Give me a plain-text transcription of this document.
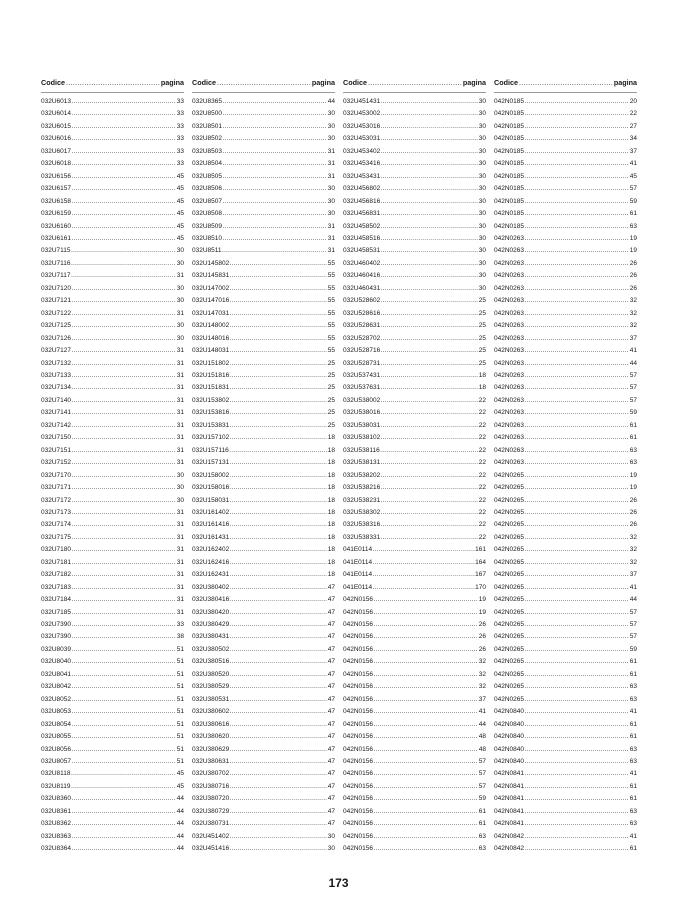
Codice .....	pagina
032U6013 .....	33
032U6014 .....	33
032U6015 .....	33
032U6016 .....	33
032U6017 .....	33
032U6018 .....	33
032U6156 .....	45
032U6157 .....	45
032U6158 .....	45
032U6159 .....	45
032U6160 .....	45
032U6161 .....	45
032U7115 .....	30
032U7116 .....	30
032U7117 .....	31
032U7120 .....	30
032U7121 .....	30
032U7122 .....	31
032U7125 .....	30
032U7126 .....	30
032U7127 .....	31
032U7132 .....	31
032U7133 .....	31
032U7134 .....	31
032U7140 .....	31
032U7141 .....	31
032U7142 .....	31
032U7150 .....	31
032U7151 .....	31
032U7152 .....	31
032U7170 .....	30
032U7171 .....	30
032U7172 .....	30
032U7173 .....	31
032U7174 .....	31
032U7175 .....	31
032U7180 .....	31
032U7181 .....	31
032U7182 .....	31
032U7183 .....	31
032U7184 .....	31
032U7185 .....	31
032U7390 .....	33
032U7390 .....	38
032U8039 .....	51
032U8040 .....	51
032U8041 .....	51
032U8042 .....	51
032U8052 .....	51
032U8053 .....	51
032U8054 .....	51
032U8055 .....	51
032U8056 .....	51
032U8057 .....	51
032U8118 .....	45
032U8119 .....	45
032U8360 .....	44
032U8361 .....	44
032U8362 .....	44
032U8363 .....	44
032U8364 .....	44
Codice .....	pagina
032U8365 .....	44
032U8500 .....	30
032U8501 .....	30
032U8502 .....	30
032U8503 .....	31
032U8504 .....	31
032U8505 .....	31
032U8506 .....	30
032U8507 .....	30
032U8508 .....	30
032U8509 .....	31
032U8510 .....	31
032U8511 .....	31
032U145802 .....	55
032U145831 .....	55
032U147002 .....	55
032U147016 .....	55
032U147031 .....	55
032U148002 .....	55
032U148016 .....	55
032U148031 .....	55
032U151802 .....	25
032U151816 .....	25
032U151831 .....	25
032U153802 .....	25
032U153816 .....	25
032U153831 .....	25
032U157102 .....	18
032U157116 .....	18
032U157131 .....	18
032U158002 .....	18
032U158016 .....	18
032U158031 .....	18
032U161402 .....	18
032U161416 .....	18
032U161431 .....	18
032U162402 .....	18
032U162416 .....	18
032U162431 .....	18
032U380402 .....	47
032U380416 .....	47
032U380420 .....	47
032U380429 .....	47
032U380431 .....	47
032U380502 .....	47
032U380516 .....	47
032U380520 .....	47
032U380529 .....	47
032U380531 .....	47
032U380602 .....	47
032U380616 .....	47
032U380620 .....	47
032U380629 .....	47
032U380631 .....	47
032U380702 .....	47
032U380716 .....	47
032U380720 .....	47
032U380729 .....	47
032U380731 .....	47
032U451402 .....	30
032U451416 .....	30
Codice .....	pagina
032U451431 .....	30
032U453002 .....	30
032U453016 .....	30
032U453031 .....	30
032U453402 .....	30
032U453416 .....	30
032U453431 .....	30
032U456802 .....	30
032U456816 .....	30
032U456831 .....	30
032U458502 .....	30
032U458516 .....	30
032U458531 .....	30
032U460402 .....	30
032U460416 .....	30
032U460431 .....	30
032U528602 .....	25
032U528616 .....	25
032U528631 .....	25
032U528702 .....	25
032U528716 .....	25
032U528731 .....	25
032U537431 .....	18
032U537631 .....	18
032U538002 .....	22
032U538016 .....	22
032U538031 .....	22
032U538102 .....	22
032U538116 .....	22
032U538131 .....	22
032U538202 .....	22
032U538216 .....	22
032U538231 .....	22
032U538302 .....	22
032U538316 .....	22
032U538331 .....	22
041E0114 .....	161
041E0114 .....	164
041E0114 .....	167
041E0114 .....	170
042N0156 .....	19
042N0156 .....	19
042N0156 .....	26
042N0156 .....	26
042N0156 .....	26
042N0156 .....	32
042N0156 .....	32
042N0156 .....	32
042N0156 .....	37
042N0156 .....	41
042N0156 .....	44
042N0156 .....	48
042N0156 .....	48
042N0156 .....	57
042N0156 .....	57
042N0156 .....	57
042N0156 .....	59
042N0156 .....	61
042N0156 .....	61
042N0156 .....	63
042N0156 .....	63
Codice .....	pagina
042N0185 .....	20
042N0185 .....	22
042N0185 .....	27
042N0185 .....	34
042N0185 .....	37
042N0185 .....	41
042N0185 .....	45
042N0185 .....	57
042N0185 .....	59
042N0185 .....	61
042N0185 .....	63
042N0263 .....	19
042N0263 .....	19
042N0263 .....	26
042N0263 .....	26
042N0263 .....	26
042N0263 .....	32
042N0263 .....	32
042N0263 .....	32
042N0263 .....	37
042N0263 .....	41
042N0263 .....	44
042N0263 .....	57
042N0263 .....	57
042N0263 .....	57
042N0263 .....	59
042N0263 .....	61
042N0263 .....	61
042N0263 .....	63
042N0263 .....	63
042N0265 .....	19
042N0265 .....	19
042N0265 .....	26
042N0265 .....	26
042N0265 .....	26
042N0265 .....	32
042N0265 .....	32
042N0265 .....	32
042N0265 .....	37
042N0265 .....	41
042N0265 .....	44
042N0265 .....	57
042N0265 .....	57
042N0265 .....	57
042N0265 .....	59
042N0265 .....	61
042N0265 .....	61
042N0265 .....	63
042N0265 .....	63
042N0840 .....	41
042N0840 .....	61
042N0840 .....	61
042N0840 .....	63
042N0840 .....	63
042N0841 .....	41
042N0841 .....	61
042N0841 .....	61
042N0841 .....	63
042N0841 .....	63
042N0842 .....	41
042N0842 .....	61
173
